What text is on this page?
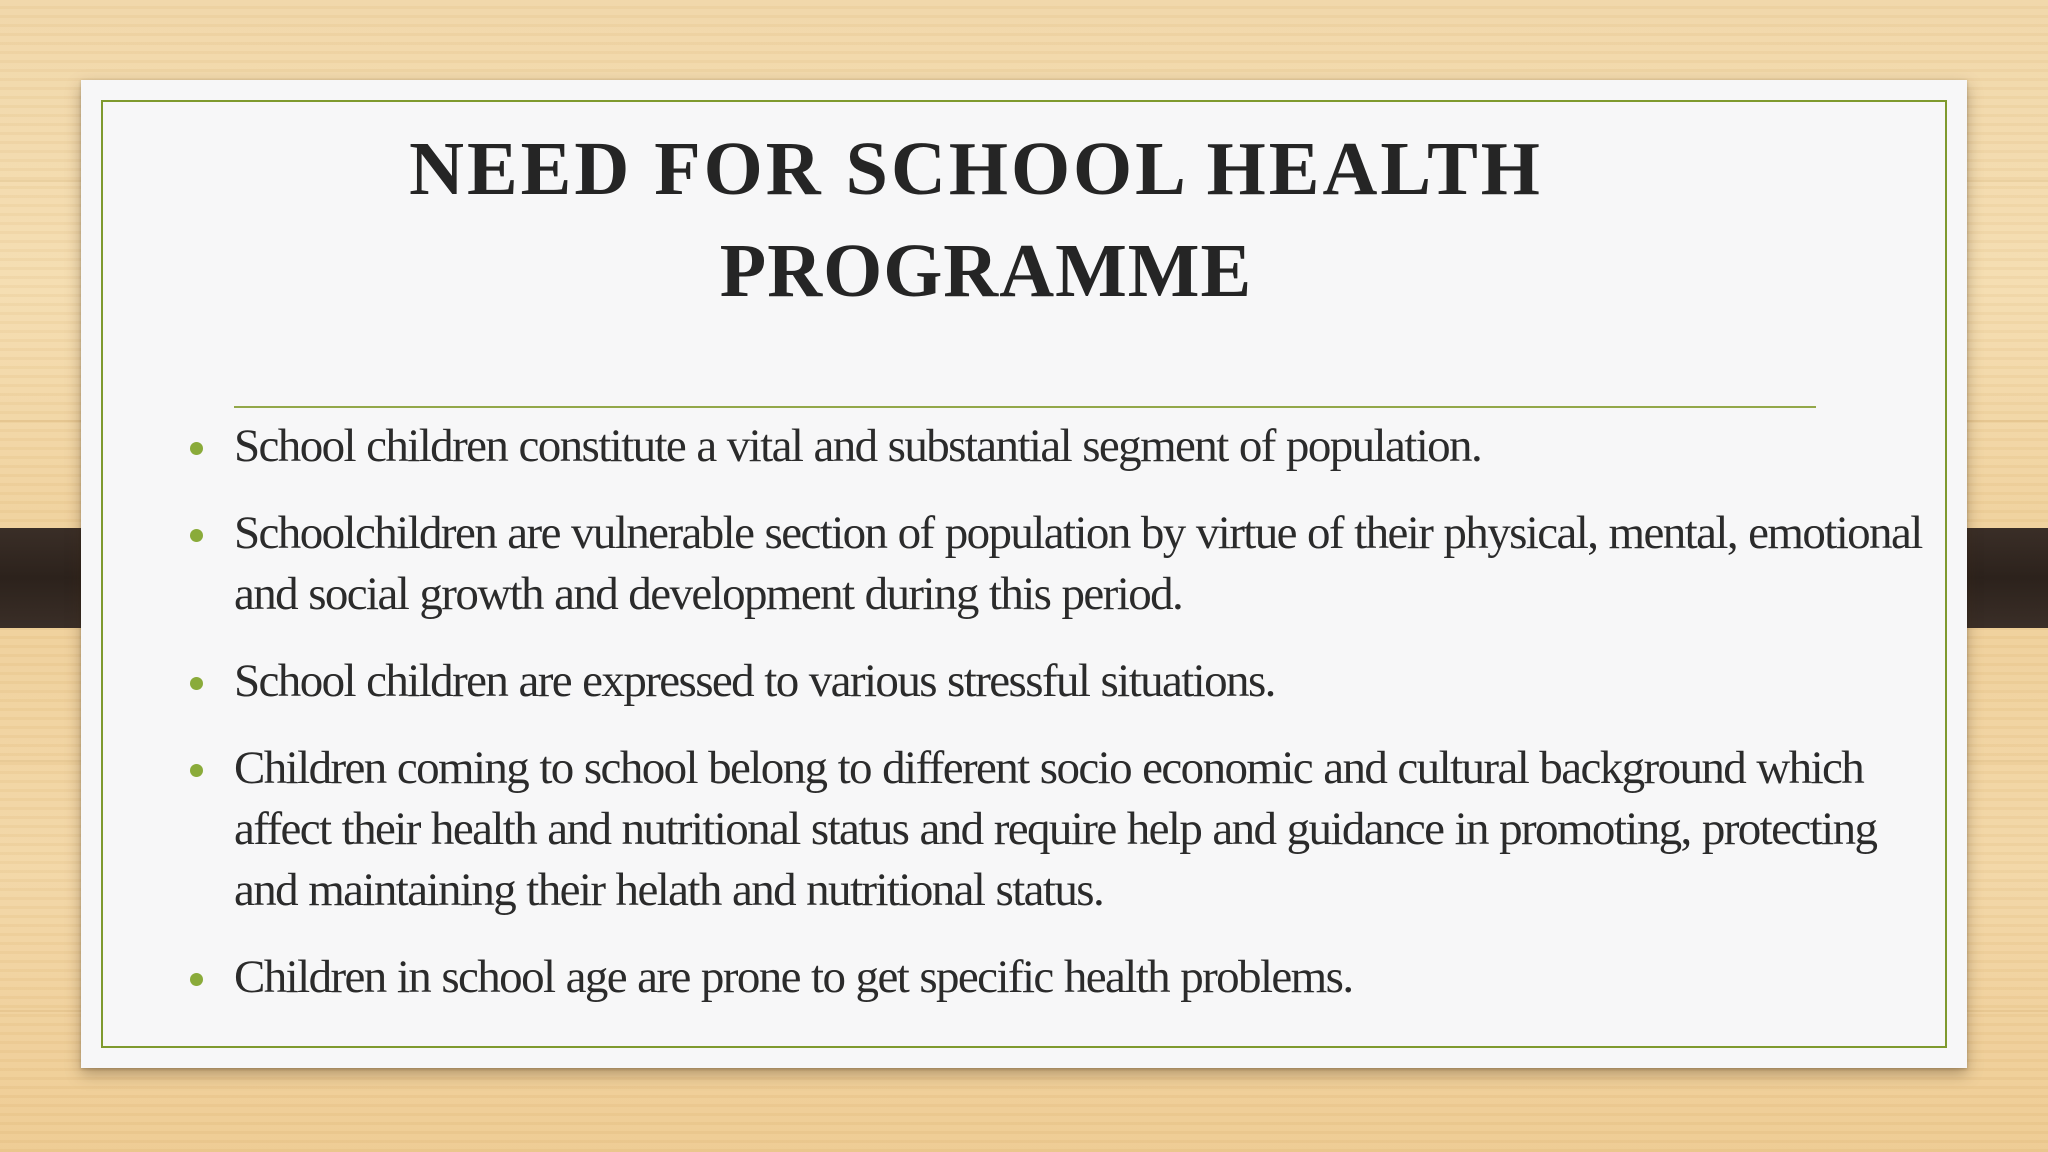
NEED FOR SCHOOL HEALTH
PROGRAMME
School children constitute a vital and substantial segment of population.
Schoolchildren are vulnerable section of population by virtue of their physical, mental, emotional and social growth and development during this period.
School children are expressed to various stressful situations.
Children coming to school belong to different socio economic and cultural background which affect their health and nutritional status and require help and guidance in promoting, protecting and maintaining their helath and nutritional status.
Children in school age are prone to get specific health problems.
